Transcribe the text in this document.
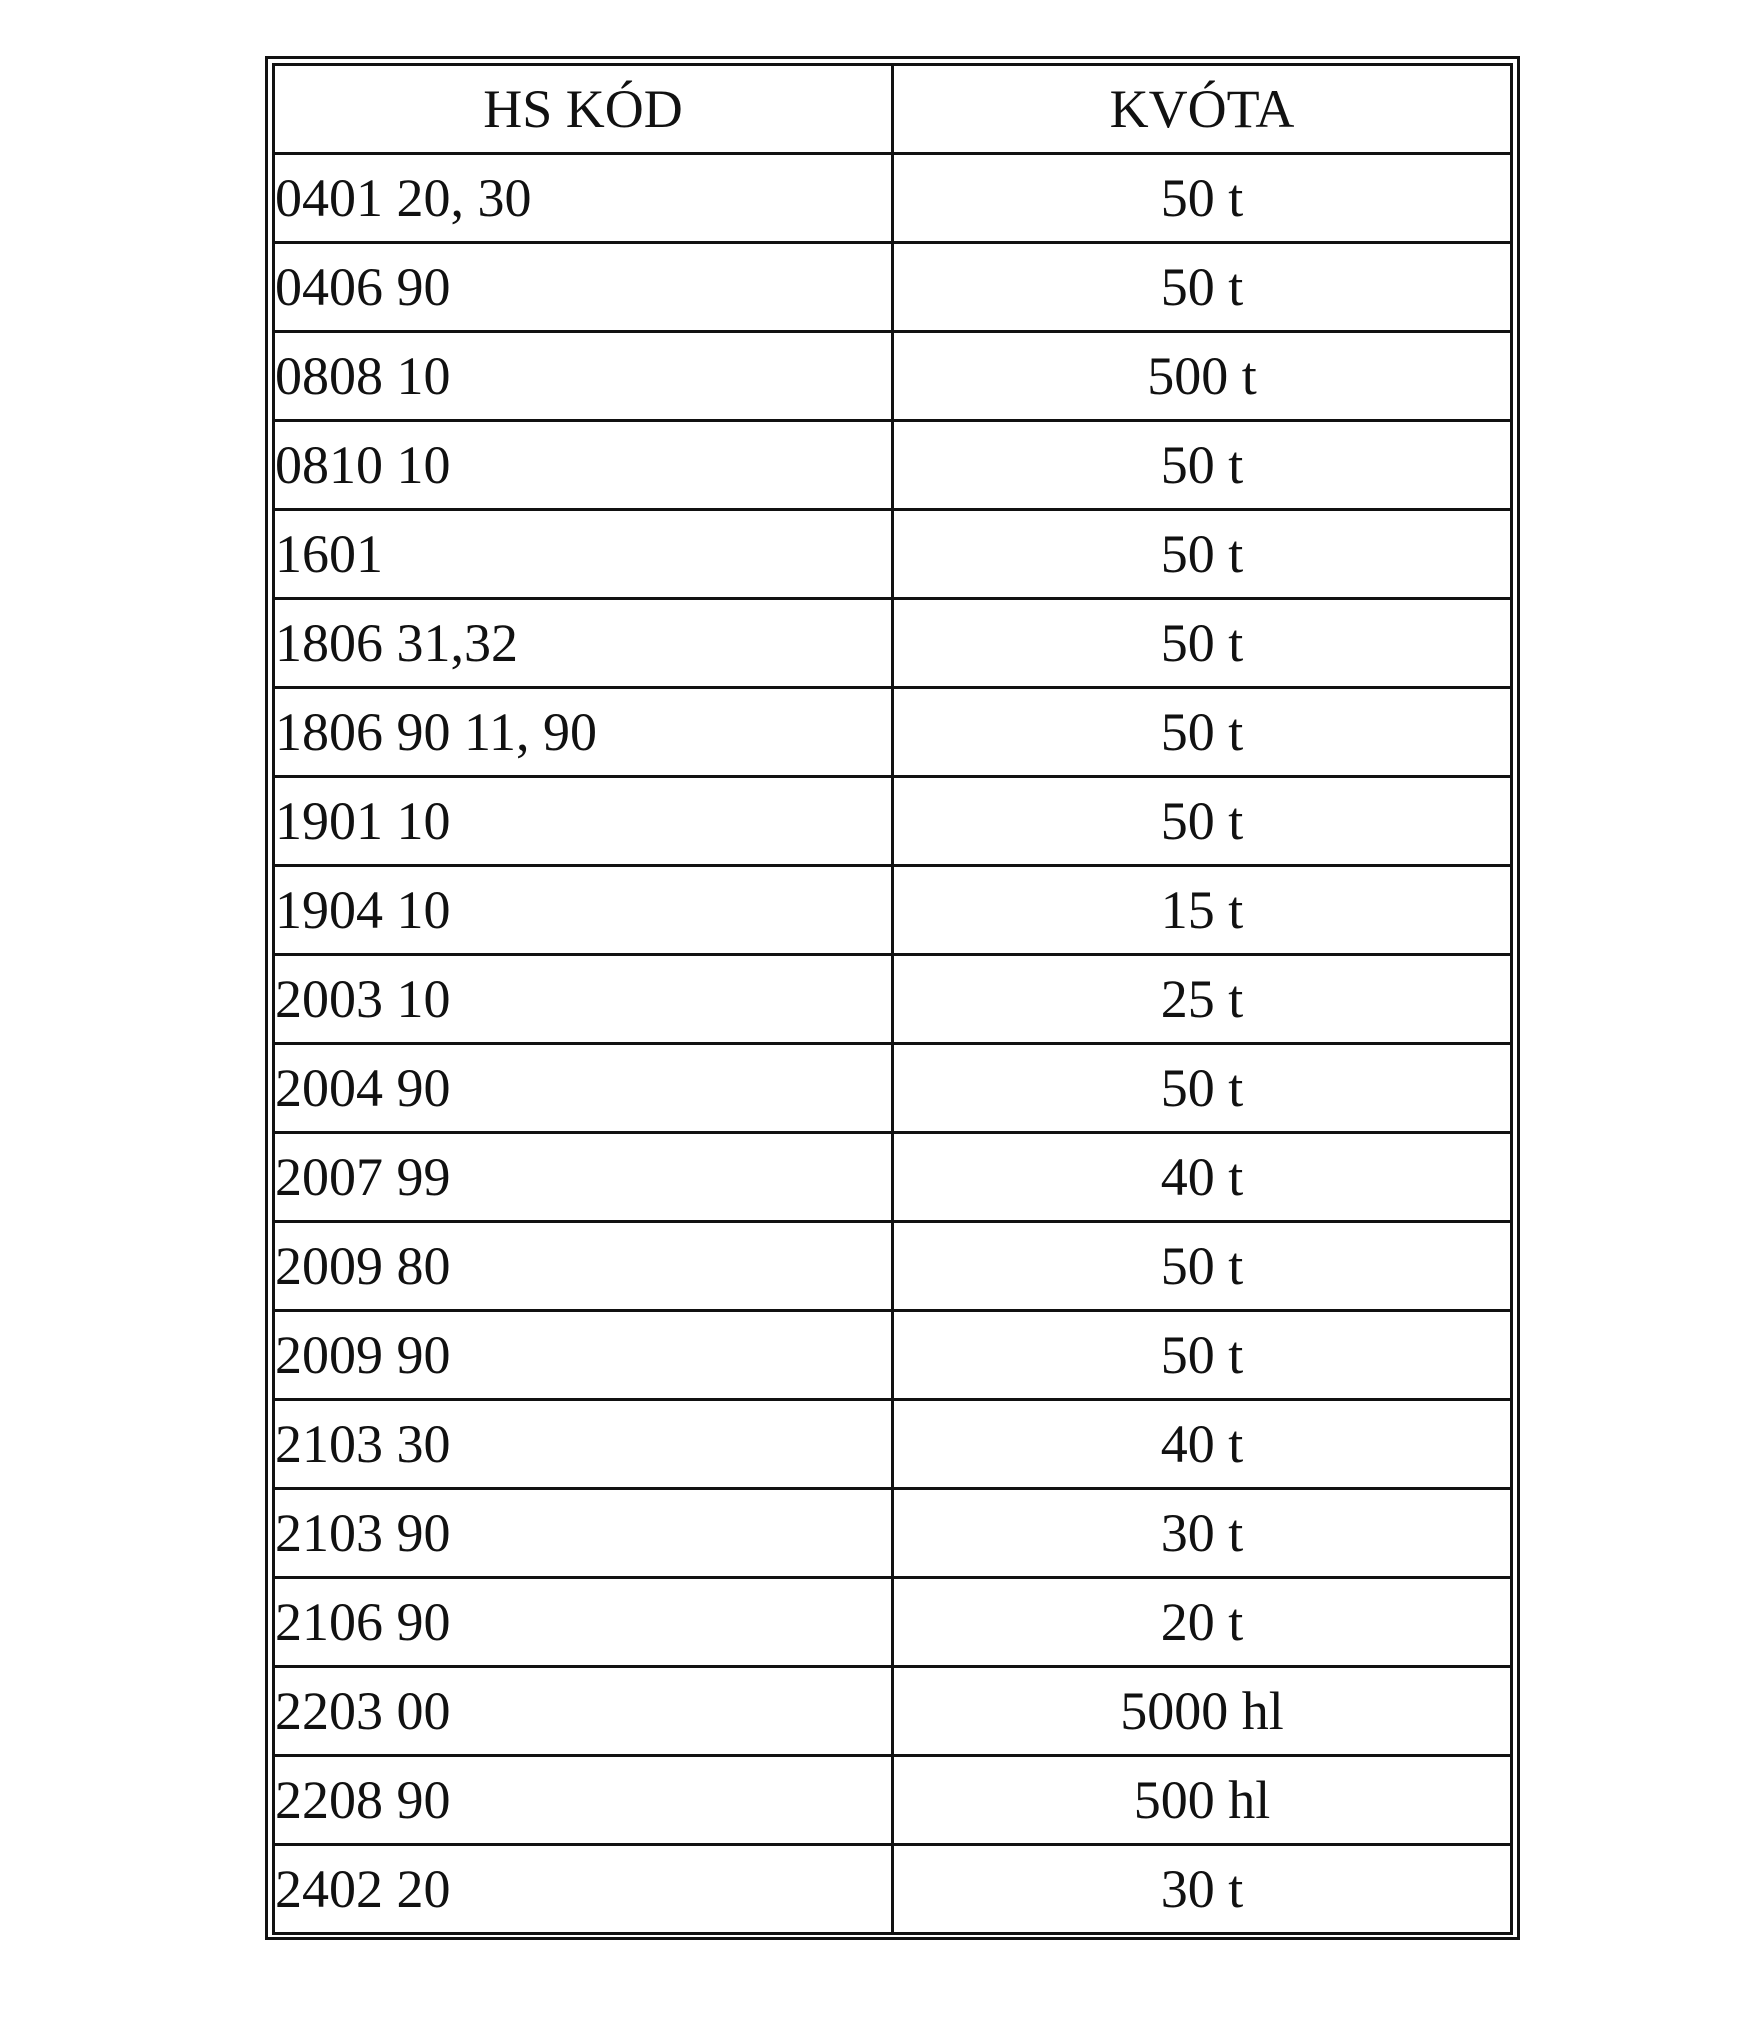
HS KÓD	KVÓTA
0401 20, 30	50 t
0406 90	50 t
0808 10	500 t
0810 10	50 t
1601	50 t
1806 31,32	50 t
1806 90 11, 90	50 t
1901 10	50 t
1904 10	15 t
2003 10	25 t
2004 90	50 t
2007 99	40 t
2009 80	50 t
2009 90	50 t
2103 30	40 t
2103 90	30 t
2106 90	20 t
2203 00	5000 hl
2208 90	500 hl
2402 20	30 t
